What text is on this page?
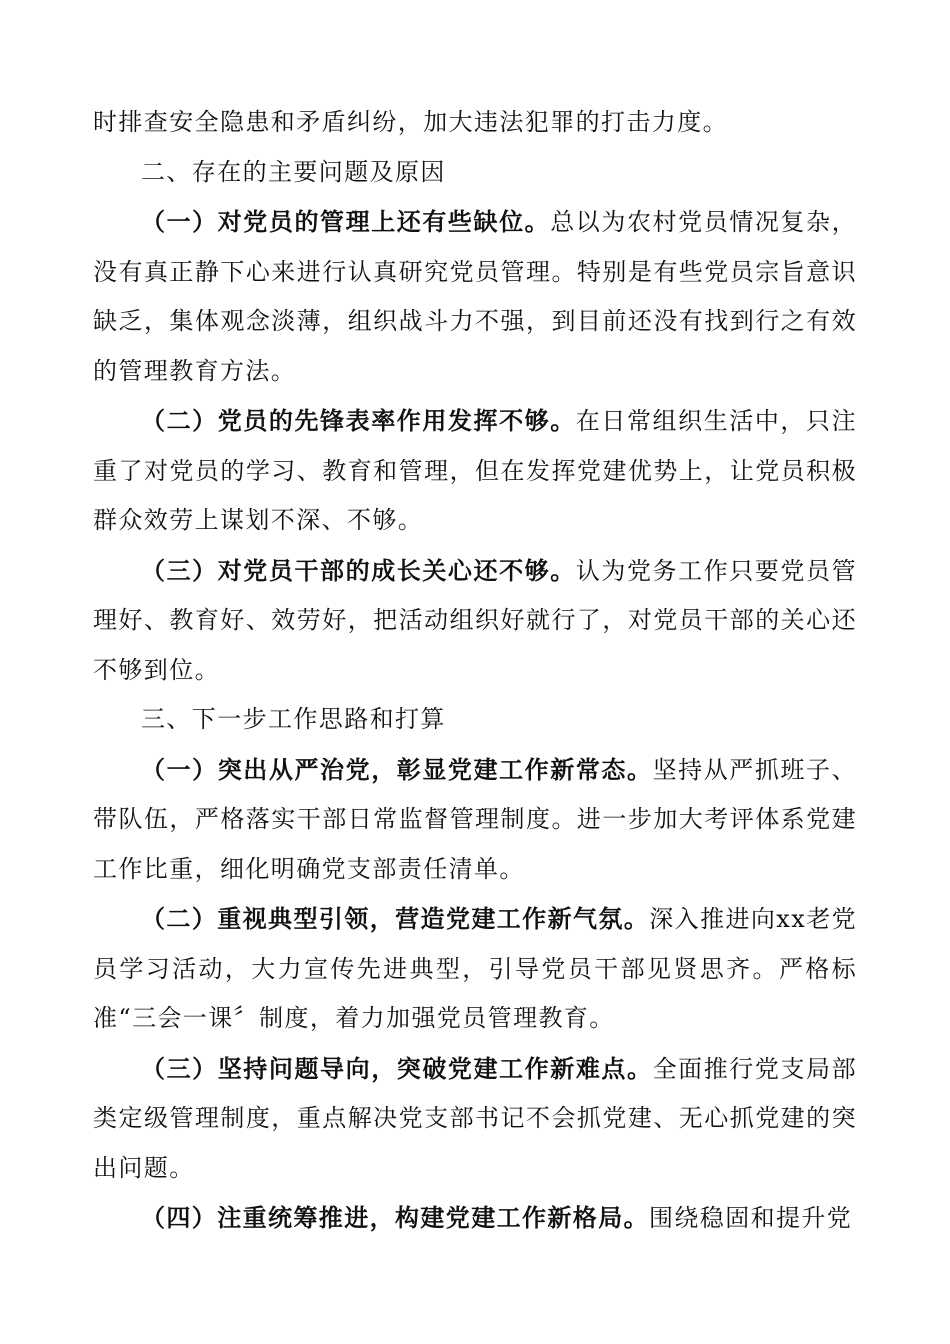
时排查安全隐患和矛盾纠纷，加大违法犯罪的打击力度。

二、存在的主要问题及原因

（一）对党员的管理上还有些缺位。总以为农村党员情况复杂，没有真正静下心来进行认真研究党员管理。特别是有些党员宗旨意识缺乏，集体观念淡薄，组织战斗力不强，到目前还没有找到行之有效的管理教育方法。

（二）党员的先锋表率作用发挥不够。在日常组织生活中，只注重了对党员的学习、教育和管理，但在发挥党建优势上，让党员积极群众效劳上谋划不深、不够。

（三）对党员干部的成长关心还不够。认为党务工作只要党员管理好、教育好、效劳好，把活动组织好就行了，对党员干部的关心还不够到位。

三、下一步工作思路和打算

（一）突出从严治党，彰显党建工作新常态。坚持从严抓班子、带队伍，严格落实干部日常监督管理制度。进一步加大考评体系党建工作比重，细化明确党支部责任清单。

（二）重视典型引领，营造党建工作新气氛。深入推进向xx老党员学习活动，大力宣传先进典型，引导党员干部见贤思齐。严格标准“三会一课〞制度，着力加强党员管理教育。

（三）坚持问题导向，突破党建工作新难点。全面推行党支局部类定级管理制度，重点解决党支部书记不会抓党建、无心抓党建的突出问题。

（四）注重统筹推进，构建党建工作新格局。围绕稳固和提升党
